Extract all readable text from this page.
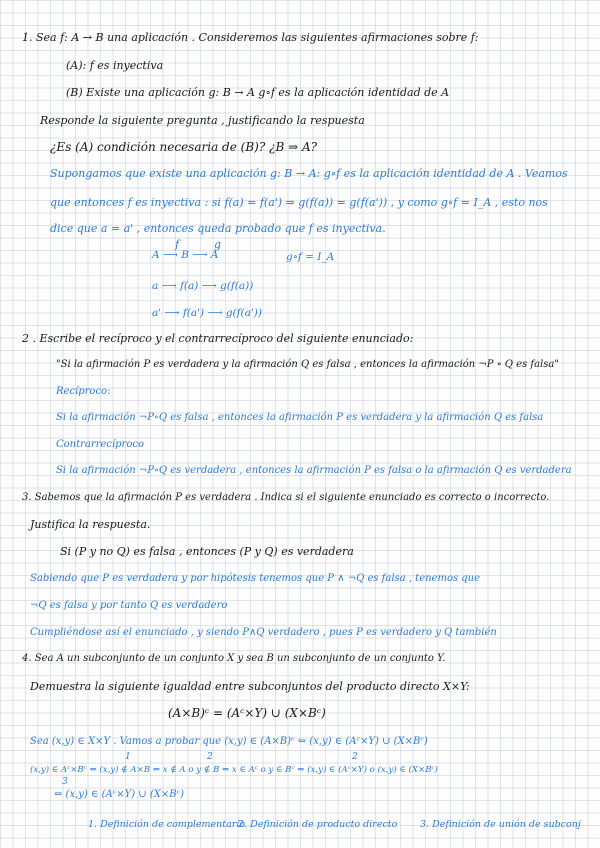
1. Sea f: A → B una aplicación . Consideremos las siguientes afirmaciones sobre f:
(A): f es inyectiva
(B) Existe una aplicación g: B → A g∘f es la aplicación identidad de A
Responde la siguiente pregunta , justificando la respuesta
¿Es (A) condición necesaria de (B)? ¿B ⇒ A?
Supongamos que existe una aplicación g: B → A: g∘f es la aplicación identidad de A . Veamos
que entonces f es inyectiva : si f(a) = f(a') ⇒ g(f(a)) = g(f(a')) , y como g∘f = I_A , esto nos
dice que a = a' , entonces queda probado que f es inyectiva.
f	g
A ⟶ B ⟶ A	g∘f = I_A
a ⟶ f(a) ⟶ g(f(a))
a' ⟶ f(a') ⟶ g(f(a'))
2 . Escribe el recíproco y el contrarrecíproco del siguiente enunciado:
"Si la afirmación P es verdadera y la afirmación Q es falsa , entonces la afirmación ¬P ∘ Q es falsa"
Recíproco:
Si la afirmación ¬P∘Q es falsa , entonces la afirmación P es verdadera y la afirmación Q es falsa
Contrarrecíproco
Si la afirmación ¬P∘Q es verdadera , entonces la afirmación P es falsa o la afirmación Q es verdadera
3. Sabemos que la afirmación P es verdadera . Indica si el siguiente enunciado es correcto o incorrecto.
Justifica la respuesta.
Si (P y no Q) es falsa , entonces (P y Q) es verdadera
Sabiendo que P es verdadera y por hipótesis tenemos que P ∧ ¬Q es falsa , tenemos que
¬Q es falsa y por tanto Q es verdadero
Cumpliéndose así el enunciado , y siendo P∧Q verdadero , pues P es verdadero y Q también
4. Sea A un subconjunto de un conjunto X y sea B un subconjunto de un conjunto Y.
Demuestra la siguiente igualdad entre subconjuntos del producto directo X×Y:
(A×B)ᶜ = (Aᶜ×Y) ∪ (X×Bᶜ)
Sea (x,y) ∈ X×Y . Vamos a probar que (x,y) ∈ (A×B)ᶜ ⇔ (x,y) ∈ (Aᶜ×Y) ∪ (X×Bᶜ)
1	2	2
(x,y) ∈ Aᶜ×Bᶜ ⇔ (x,y) ∉ A×B ⇔ x ∉ A o y ∉ B ⇔ x ∈ Aᶜ o y ∈ Bᶜ ⇔ (x,y) ∈ (Aᶜ×Y) o (x,y) ∈ (X×Bᶜ)
3
⇔ (x,y) ∈ (Aᶜ×Y) ∪ (X×Bᶜ)
1. Definición de complementario
2. Definición de producto directo 3. Definición de unión de subconj
